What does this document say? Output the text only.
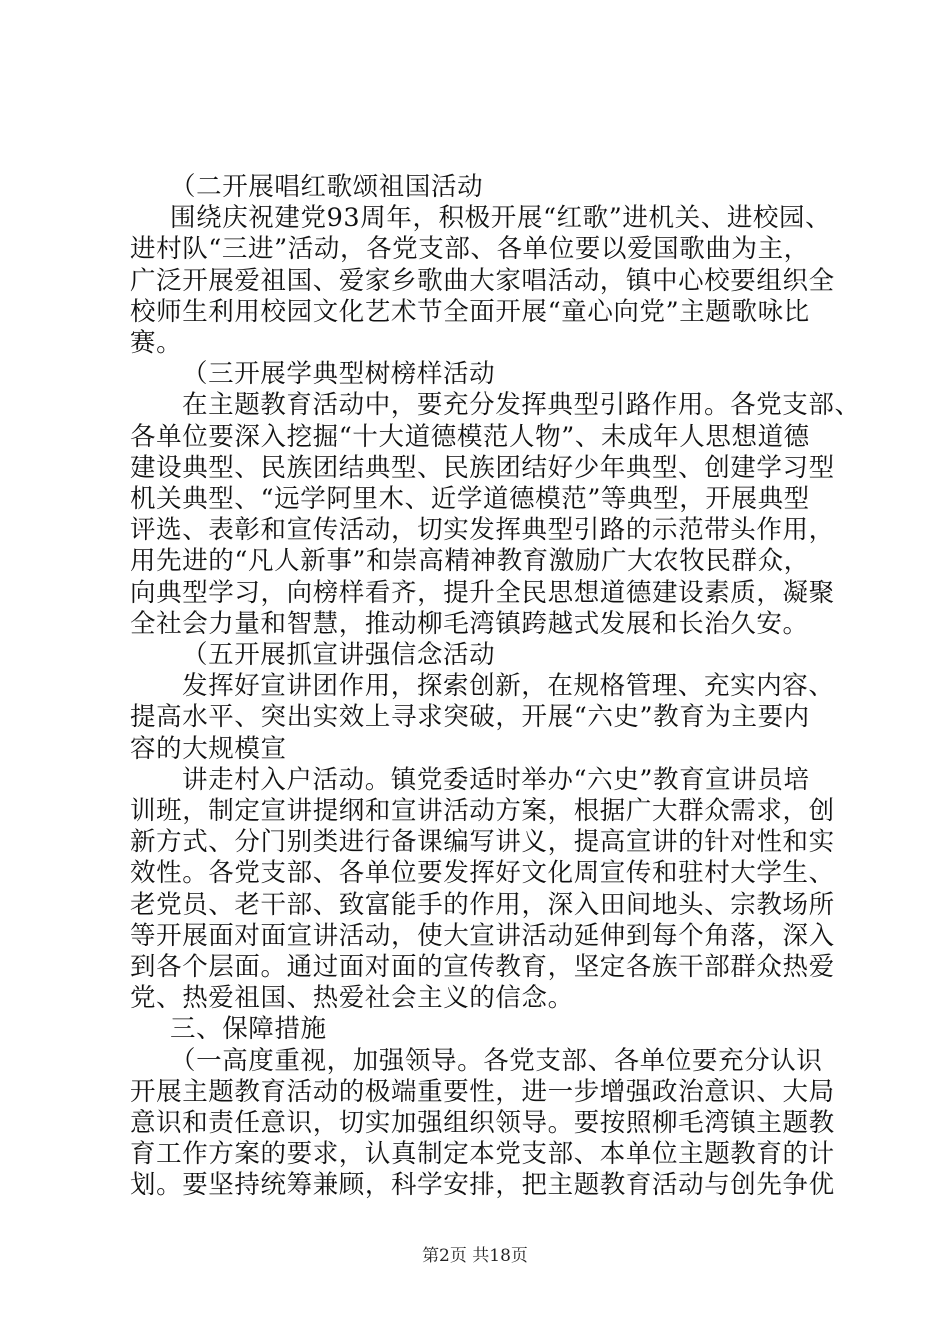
（二开展唱红歌颂祖国活动
围绕庆祝建党93周年，积极开展“红歌”进机关、进校园、
进村队“三进”活动，各党支部、各单位要以爱国歌曲为主，
广泛开展爱祖国、爱家乡歌曲大家唱活动，镇中心校要组织全
校师生利用校园文化艺术节全面开展“童心向党”主题歌咏比
赛。
（三开展学典型树榜样活动
在主题教育活动中，要充分发挥典型引路作用。各党支部、
各单位要深入挖掘“十大道德模范人物”、未成年人思想道德
建设典型、民族团结典型、民族团结好少年典型、创建学习型
机关典型、“远学阿里木、近学道德模范”等典型，开展典型
评选、表彰和宣传活动，切实发挥典型引路的示范带头作用，
用先进的“凡人新事”和崇高精神教育激励广大农牧民群众，
向典型学习，向榜样看齐，提升全民思想道德建设素质，凝聚
全社会力量和智慧，推动柳毛湾镇跨越式发展和长治久安。
（五开展抓宣讲强信念活动
发挥好宣讲团作用，探索创新，在规格管理、充实内容、
提高水平、突出实效上寻求突破，开展“六史”教育为主要内
容的大规模宣
讲走村入户活动。镇党委适时举办“六史”教育宣讲员培
训班，制定宣讲提纲和宣讲活动方案，根据广大群众需求，创
新方式、分门别类进行备课编写讲义，提高宣讲的针对性和实
效性。各党支部、各单位要发挥好文化周宣传和驻村大学生、
老党员、老干部、致富能手的作用，深入田间地头、宗教场所
等开展面对面宣讲活动，使大宣讲活动延伸到每个角落，深入
到各个层面。通过面对面的宣传教育，坚定各族干部群众热爱
党、热爱祖国、热爱社会主义的信念。
三、保障措施
（一高度重视，加强领导。各党支部、各单位要充分认识
开展主题教育活动的极端重要性，进一步增强政治意识、大局
意识和责任意识，切实加强组织领导。要按照柳毛湾镇主题教
育工作方案的要求，认真制定本党支部、本单位主题教育的计
划。要坚持统筹兼顾，科学安排，把主题教育活动与创先争优
第2页 共18页
